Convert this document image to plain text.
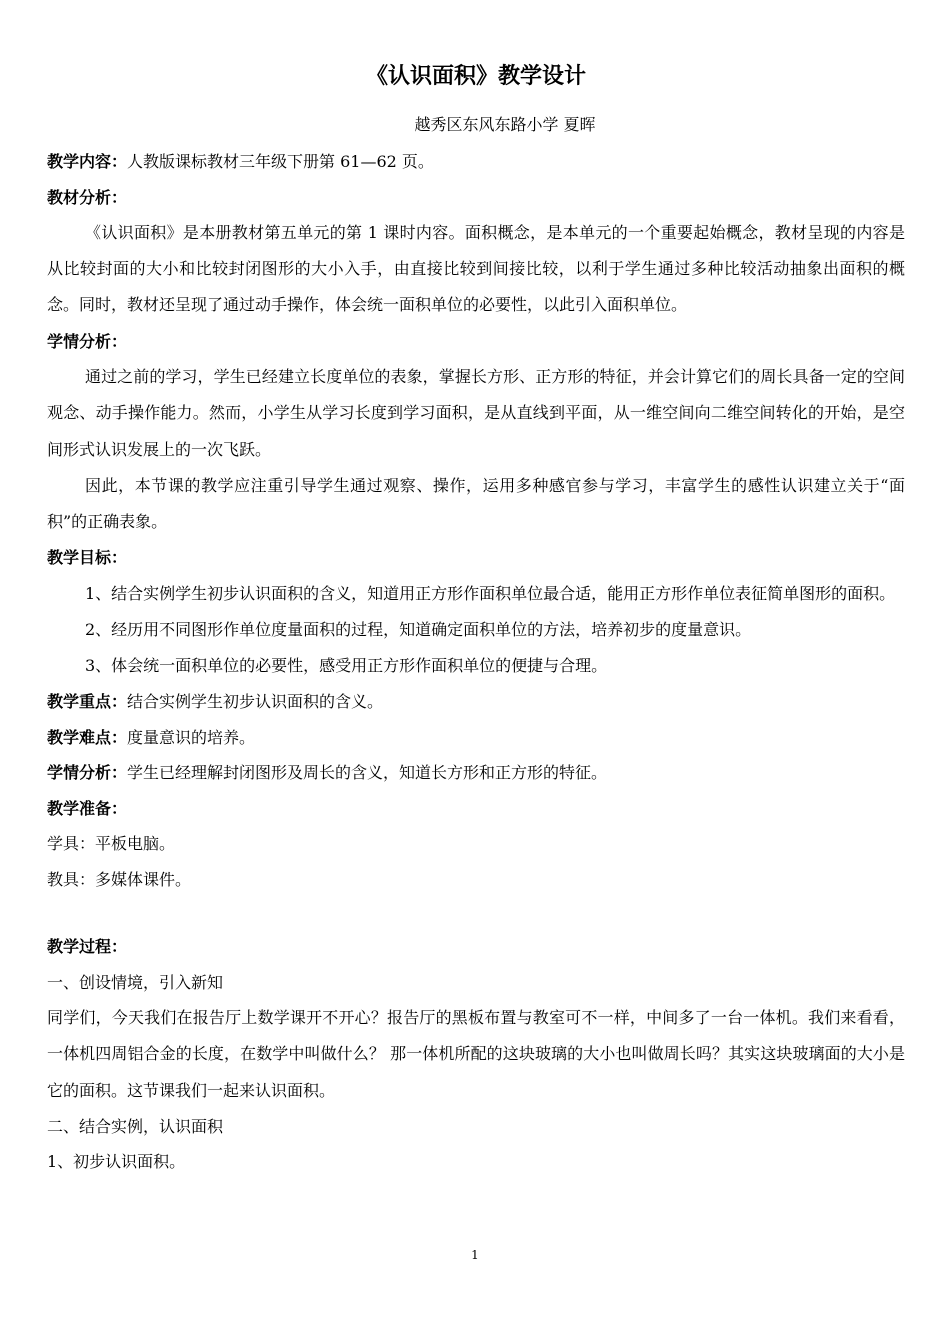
《认识面积》教学设计
越秀区东风东路小学 夏晖

教学内容：人教版课标教材三年级下册第 61—62 页。

教材分析：

《认识面积》是本册教材第五单元的第 1 课时内容。面积概念，是本单元的一个重要起始概念，教材呈现的内容是从比较封面的大小和比较封闭图形的大小入手，由直接比较到间接比较，以利于学生通过多种比较活动抽象出面积的概念。同时，教材还呈现了通过动手操作，体会统一面积单位的必要性，以此引入面积单位。

学情分析：

通过之前的学习，学生已经建立长度单位的表象，掌握长方形、正方形的特征，并会计算它们的周长具备一定的空间观念、动手操作能力。然而，小学生从学习长度到学习面积，是从直线到平面，从一维空间向二维空间转化的开始，是空间形式认识发展上的一次飞跃。

因此，本节课的教学应注重引导学生通过观察、操作，运用多种感官参与学习，丰富学生的感性认识建立关于“面积”的正确表象。

教学目标：

1、结合实例学生初步认识面积的含义，知道用正方形作面积单位最合适，能用正方形作单位表征简单图形的面积。

2、经历用不同图形作单位度量面积的过程，知道确定面积单位的方法，培养初步的度量意识。

3、体会统一面积单位的必要性，感受用正方形作面积单位的便捷与合理。

教学重点：结合实例学生初步认识面积的含义。

教学难点：度量意识的培养。

学情分析：学生已经理解封闭图形及周长的含义，知道长方形和正方形的特征。

教学准备：

学具：平板电脑。

教具：多媒体课件。

教学过程：

一、创设情境，引入新知

同学们，今天我们在报告厅上数学课开不开心？报告厅的黑板布置与教室可不一样，中间多了一台一体机。我们来看看，一体机四周铝合金的长度，在数学中叫做什么？ 那一体机所配的这块玻璃的大小也叫做周长吗？其实这块玻璃面的大小是它的面积。这节课我们一起来认识面积。

二、结合实例，认识面积

1、初步认识面积。

1
